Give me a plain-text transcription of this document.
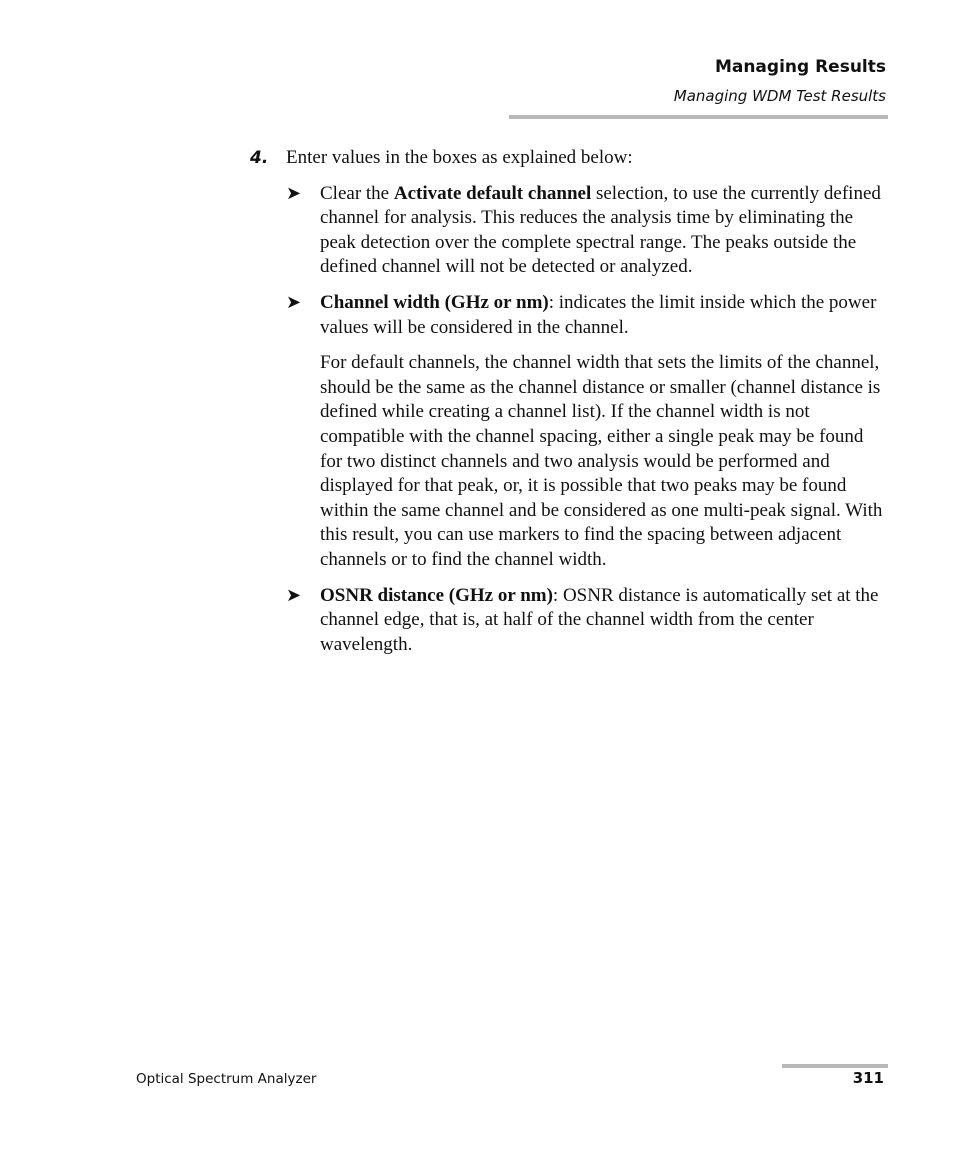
Managing Results
Managing WDM Test Results
4. Enter values in the boxes as explained below:
➤ Clear the Activate default channel selection, to use the currently defined channel for analysis. This reduces the analysis time by eliminating the peak detection over the complete spectral range. The peaks outside the defined channel will not be detected or analyzed.

➤ Channel width (GHz or nm): indicates the limit inside which the power values will be considered in the channel.

For default channels, the channel width that sets the limits of the channel, should be the same as the channel distance or smaller (channel distance is defined while creating a channel list). If the channel width is not compatible with the channel spacing, either a single peak may be found for two distinct channels and two analysis would be performed and displayed for that peak, or, it is possible that two peaks may be found within the same channel and be considered as one multi-peak signal. With this result, you can use markers to find the spacing between adjacent channels or to find the channel width.

➤ OSNR distance (GHz or nm): OSNR distance is automatically set at the channel edge, that is, at half of the channel width from the center wavelength.

Optical Spectrum Analyzer	311
